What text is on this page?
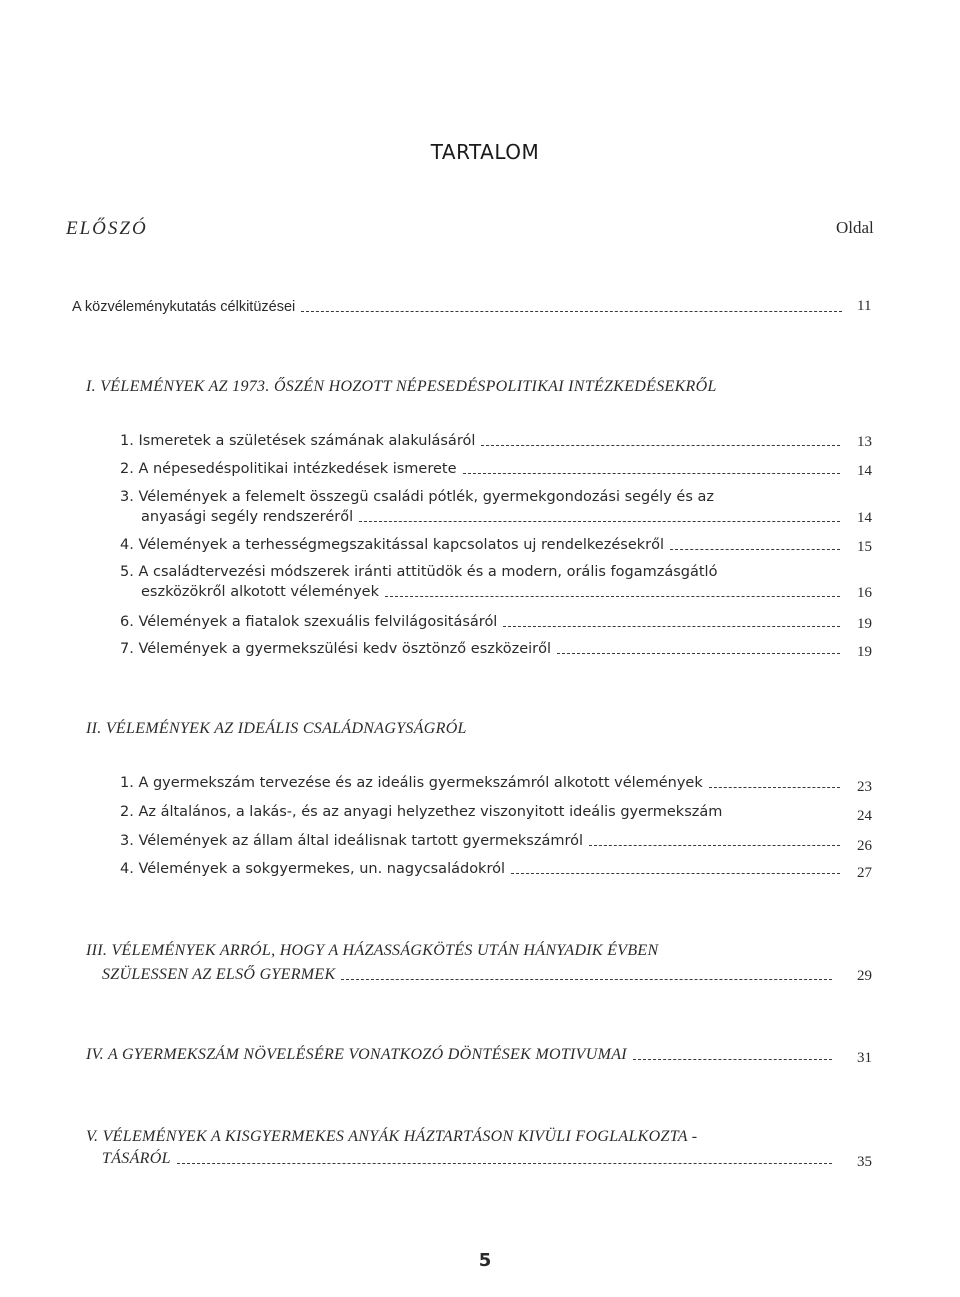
TARTALOM
ELŐSZÓ	Oldal
A közvéleménykutatás célkitüzései	11
I. VÉLEMÉNYEK AZ 1973. ŐSZÉN HOZOTT NÉPESEDÉSPOLITIKAI INTÉZKEDÉSEKRŐL
1. Ismeretek a születések számának alakulásáról	13
2. A népesedéspolitikai intézkedések ismerete	14
3. Vélemények a felemelt összegü családi pótlék, gyermekgondozási segély és az
anyasági segély rendszeréről	14
4. Vélemények a terhességmegszakitással kapcsolatos uj rendelkezésekről	15
5. A családtervezési módszerek iránti attitüdök és a modern, orális fogamzásgátló
eszközökről alkotott vélemények	16
6. Vélemények a fiatalok szexuális felvilágositásáról	19
7. Vélemények a gyermekszülési kedv ösztönző eszközeiről	19
II. VÉLEMÉNYEK AZ IDEÁLIS CSALÁDNAGYSÁGRÓL
1. A gyermekszám tervezése és az ideális gyermekszámról alkotott vélemények	23
2. Az általános, a lakás-, és az anyagi helyzethez viszonyitott ideális gyermekszám	24
3. Vélemények az állam által ideálisnak tartott gyermekszámról	26
4. Vélemények a sokgyermekes, un. nagycsaládokról	27
III. VÉLEMÉNYEK ARRÓL, HOGY A HÁZASSÁGKÖTÉS UTÁN HÁNYADIK ÉVBEN
SZÜLESSEN AZ ELSŐ GYERMEK	29
IV. A GYERMEKSZÁM NÖVELÉSÉRE VONATKOZÓ DÖNTÉSEK MOTIVUMAI	31
V. VÉLEMÉNYEK A KISGYERMEKES ANYÁK HÁZTARTÁSON KIVÜLI FOGLALKOZTA -
TÁSÁRÓL	35
5
